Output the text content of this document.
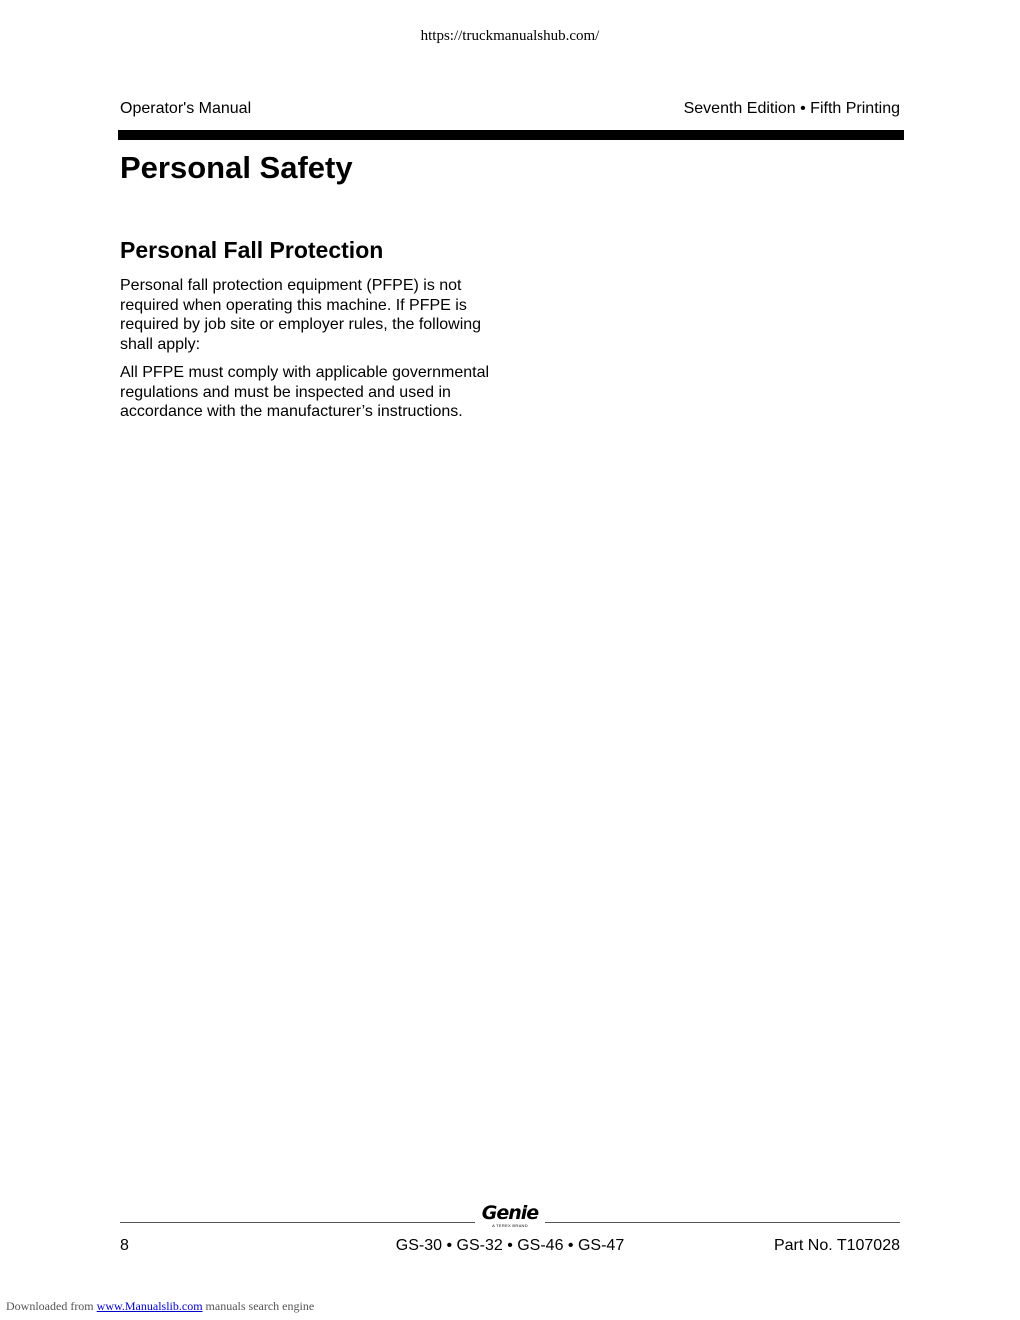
https://truckmanualshub.com/
Operator's Manual	Seventh Edition • Fifth Printing
Personal Safety
Personal Fall Protection

Personal fall protection equipment (PFPE) is not required when operating this machine. If PFPE is required by job site or employer rules, the following shall apply:

All PFPE must comply with applicable governmental regulations and must be inspected and used in accordance with the manufacturer’s instructions.

Genie
A TEREX BRAND
8	GS-30 • GS-32 • GS-46 • GS-47	Part No. T107028
Downloaded from www.Manualslib.com manuals search engine
